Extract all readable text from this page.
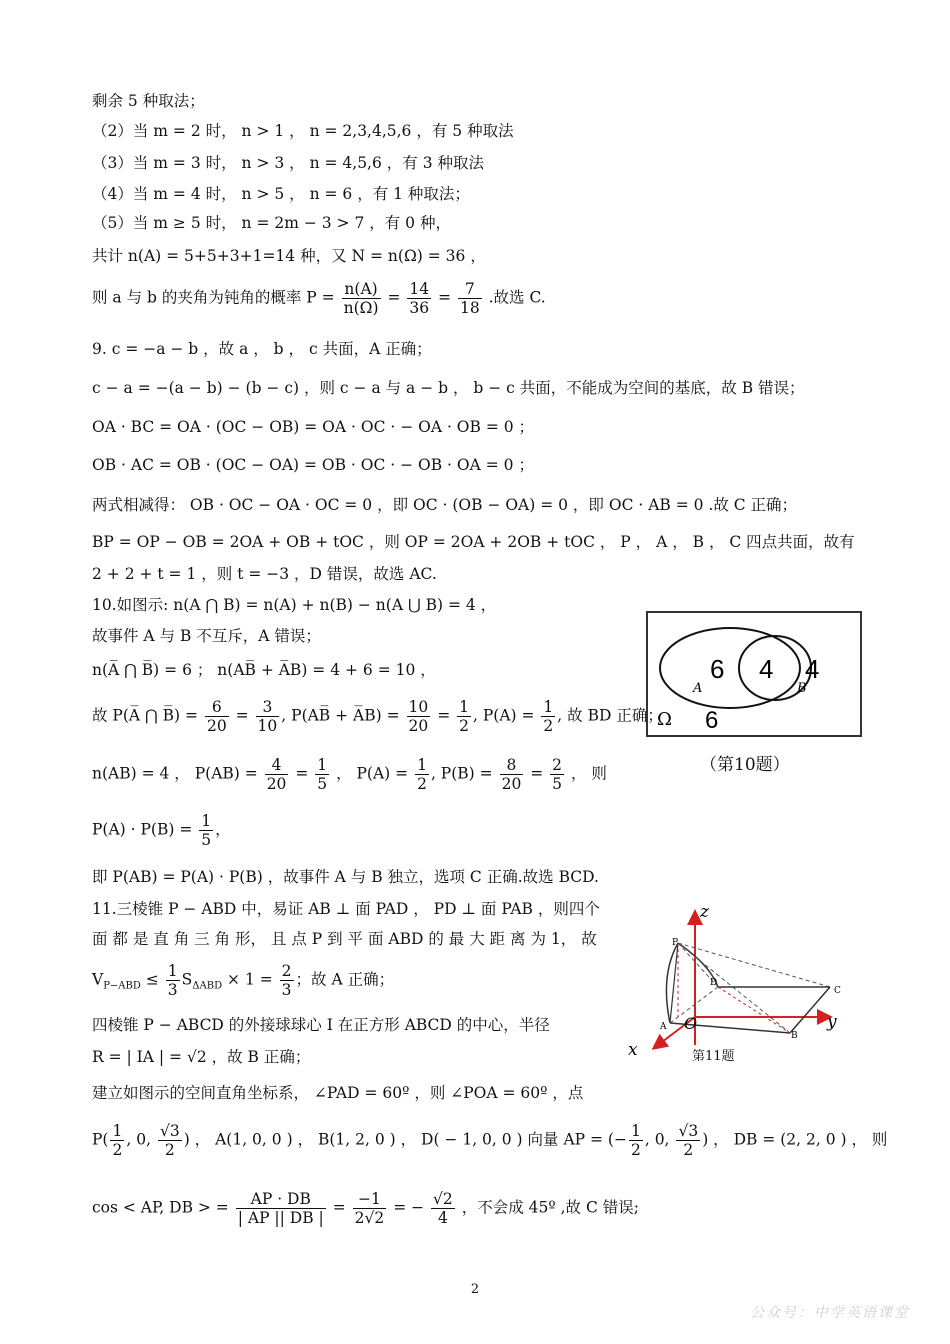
剩余 5 种取法；
（2）当 m = 2 时， n > 1 ， n = 2,3,4,5,6 ，有 5 种取法
（3）当 m = 3 时， n > 3 ， n = 4,5,6 ，有 3 种取法
（4）当 m = 4 时， n > 5 ， n = 6 ，有 1 种取法；
（5）当 m ≥ 5 时， n = 2m − 3 > 7 ，有 0 种，
共计 n(A) = 5+5+3+1=14 种，又 N = n(Ω) = 36 ，
则 a 与 b 的夹角为钝角的概率 $P = \frac{n(A)}{n(\Omega)} = \frac{14}{36} = \frac{7}{18}$ .故选 C.
9. c = −a − b ，故 a ， b ， c 共面，A 正确；
c − a = −(a − b) − (b − c) ，则 c − a 与 a − b ， b − c 共面，不能成为空间的基底，故 B 错误；
OA · BC = OA · (OC − OB) = OA · OC · − OA · OB = 0 ；
OB · AC = OB · (OC − OA) = OB · OC · − OB · OA = 0 ；
两式相减得： OB · OC − OA · OC = 0 ，即 OC · (OB − OA) = 0 ，即 OC · AB = 0 .故 C 正确；
BP = OP − OB = 2OA + OB + tOC ，则 OP = 2OA + 2OB + tOC ， P ， A ， B ， C 四点共面，故有
2 + 2 + t = 1 ，则 t = −3 ，D 错误，故选 AC.
10.如图示: n(A ⋂ B) = n(A) + n(B) − n(A ⋃ B) = 4 ，
故事件 A 与 B 不互斥，A 错误；
n(A̅ ⋂ B̅) = 6 ； n(AB̅ + A̅B) = 4 + 6 = 10 ，
故 P(A̅ ⋂ B̅) = $\frac{6}{20} = \frac{3}{10}$ , P(AB̅ + A̅B) = $\frac{10}{20} = \frac{1}{2}$ , $P(A) = \frac{1}{2}$ , 故 BD 正确；
n(AB) = 4 ， $P(AB) = \frac{4}{20} = \frac{1}{5}$ ， $P(A) = \frac{1}{2}$ , $P(B) = \frac{8}{20} = \frac{2}{5}$ ， 则
$P(A) \cdot P(B) = \frac{1}{5}$ ，
即 P(AB) = P(A) · P(B) ，故事件 A 与 B 独立，选项 C 正确.故选 BCD.
11.三棱锥 P − ABD 中，易证 AB ⊥ 面 PAD ， PD ⊥ 面 PAB ，则四个
面 都 是 直 角 三 角 形， 且 点 P 到 平 面 ABD 的 最 大 距 离 为 1， 故
$V_{P-ABD} \le \frac{1}{3} S_{\Delta ABD} \times 1 = \frac{2}{3}$ ；故 A 正确；
四棱锥 P − ABCD 的外接球球心 I 在正方形 ABCD 的中心，半径
R = | IA | = √2 ，故 B 正确；
建立如图示的空间直角坐标系， ∠PAD = 60º ，则 ∠POA = 60º ，点
$P( \frac{1}{2}$ , 0, $\frac{√3}{2}$ ) ， A(1, 0, 0 ) ， B(1, 2, 0 ) ， D( − 1, 0, 0 ) 向量 AP = (− $\frac{1}{2}$ , 0, $\frac{√3}{2}$ ) ， DB = (2, 2, 0 ) ， 则
cos < AP, DB > = $\frac{AP \cdot DB}{| AP || DB |} = \frac{-1}{2√2}$ = − $\frac{√2}{4}$ ，不会成 45º ,故 C 错误;
6 4 4
A	B
Ω 6
（第10题）
z
y
x
P
D
O
A
B
C
第11题
2
公众号：中学英语课堂
